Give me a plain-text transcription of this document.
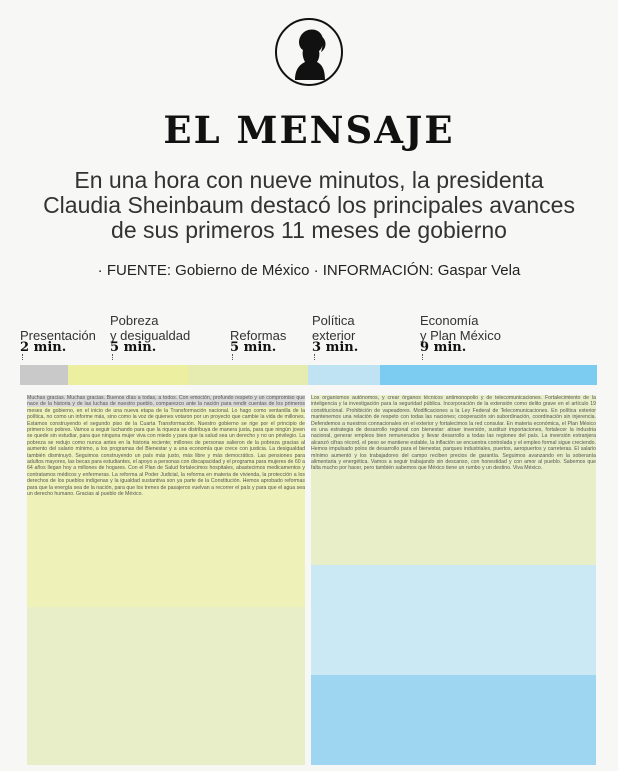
EL MENSAJE
En una hora con nueve minutos, la presidenta
Claudia Sheinbaum destacó los principales avances
de sus primeros 11 meses de gobierno
· FUENTE: Gobierno de México · INFORMACIÓN: Gaspar Vela
Presentación
2 min.
Pobreza
y desigualdad
5 min.
Reformas
5 min.
Política
exterior
3 min.
Economía
y Plan México
9 min.

Muchas gracias. Muchas gracias. Buenos días a todas, a todos. Con emoción, profundo respeto y un compromiso que nace de la historia y de las luchas de nuestro pueblo, comparezco ante la nación para rendir cuentas de los primeros meses de gobierno, en el inicio de una nueva etapa de la Transformación nacional. Lo hago como ventanilla de la política, no como un informe más, sino como la voz de quienes votaron por un proyecto que cambie la vida de millones. Estamos construyendo el segundo piso de la Cuarta Transformación. Nuestro gobierno se rige por el principio de primero los pobres. Vamos a seguir luchando para que la riqueza se distribuya de manera justa, para que ningún joven se quede sin estudiar, para que ninguna mujer viva con miedo y para que la salud sea un derecho y no un privilegio. La pobreza se redujo como nunca antes en la historia reciente; millones de personas salieron de la pobreza gracias al aumento del salario mínimo, a los programas del Bienestar y a una economía que crece con justicia. La desigualdad también disminuyó. Seguimos construyendo un país más justo, más libre y más democrático. Las pensiones para adultos mayores, las becas para estudiantes, el apoyo a personas con discapacidad y el programa para mujeres de 60 a 64 años llegan hoy a millones de hogares. Con el Plan de Salud fortalecimos hospitales, abastecimos medicamentos y contratamos médicos y enfermeras. La reforma al Poder Judicial, la reforma en materia de vivienda, la protección a los derechos de los pueblos indígenas y la igualdad sustantiva son ya parte de la Constitución. Hemos aprobado reformas para que la energía sea de la nación, para que los trenes de pasajeros vuelvan a recorrer el país y para que el agua sea un derecho humano. Gracias al pueblo de México.

Los organismos autónomos, y crear órganos técnicos antimonopolio y de telecomunicaciones. Fortalecimiento de la inteligencia y la investigación para la seguridad pública. Incorporación de la extensión como delito grave en el artículo 19 constitucional. Prohibición de vapeadores. Modificaciones a la Ley Federal de Telecomunicaciones. En política exterior mantenemos una relación de respeto con todas las naciones; cooperación sin subordinación, coordinación sin injerencia. Defendemos a nuestros connacionales en el exterior y fortalecimos la red consular. En materia económica, el Plan México es una estrategia de desarrollo regional con bienestar: atraer inversión, sustituir importaciones, fortalecer la industria nacional, generar empleos bien remunerados y llevar desarrollo a todas las regiones del país. La inversión extranjera alcanzó cifras récord, el peso se mantiene estable, la inflación se encuentra controlada y el empleo formal sigue creciendo. Hemos impulsado polos de desarrollo para el bienestar, parques industriales, puertos, aeropuertos y carreteras. El salario mínimo aumentó y los trabajadores del campo reciben precios de garantía. Seguimos avanzando en la soberanía alimentaria y energética. Vamos a seguir trabajando sin descanso, con honestidad y con amor al pueblo. Sabemos que falta mucho por hacer, pero también sabemos que México tiene un rumbo y un destino. Viva México.
